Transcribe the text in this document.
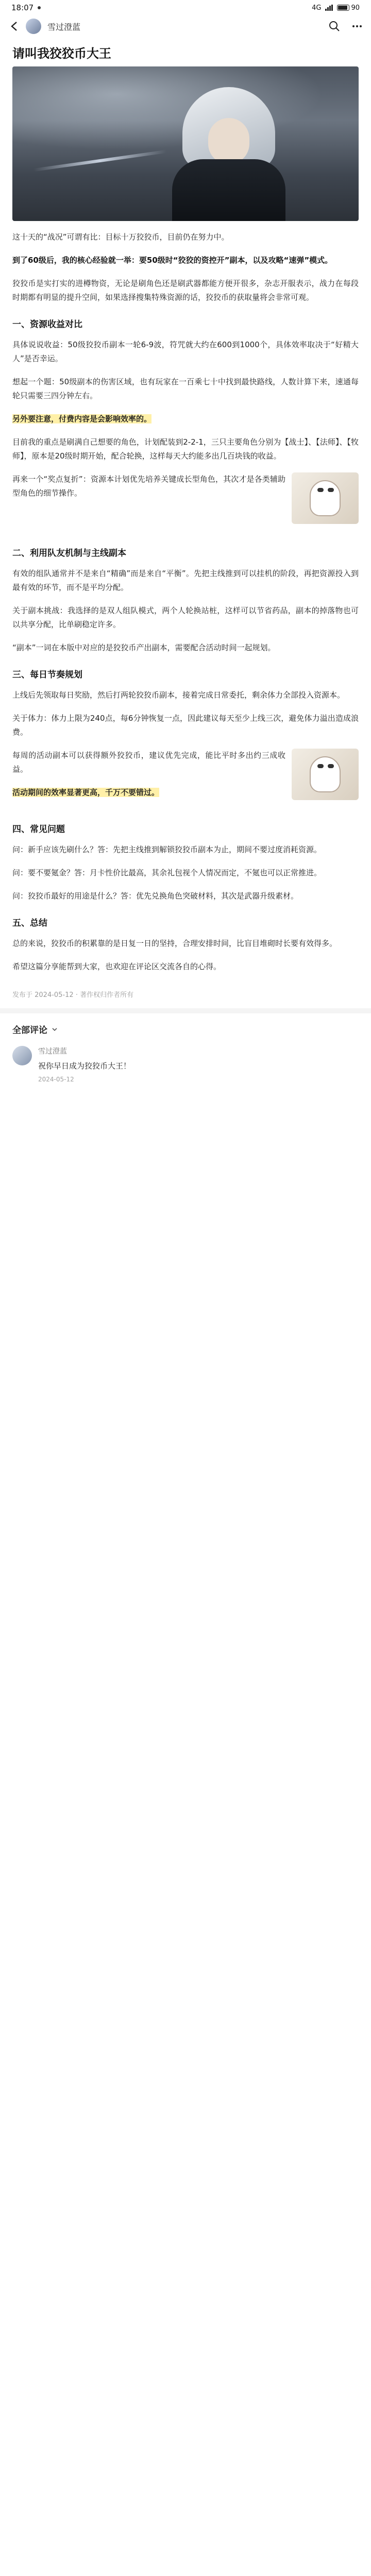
18:07	4G	90
雪过澄蓝
请叫我狡狡币大王

这十天的“战况”可谓有比：目标十万狡狡币，目前仍在努力中。

到了60级后，我的核心经验就一举：要50级时“狡狡的资控开”副本，以及攻略“速弹”模式。

狡狡币是实打实的进樽物资，无论是刷角色还是刷武器都能方便开很多，杂志开服表示，战力在每段时期都有明显的提升空间，如果选择搜集特殊资源的话，狡狡币的获取量将会非常可观。

一、资源收益对比

具体说说收益：50级狡狡币副本一轮6-9波，符咒就大约在600到1000个，具体效率取决于“好精大人”是否幸运。

想起一个题：50级副本的伤害区域，也有玩家在一百乘七十中找到最快路线，人数计算下来，速通每轮只需要三四分钟左右。

另外要注意，付费内容是会影响效率的。

目前我的重点是刷满自己想要的角色，计划配装到2-2-1，三只主要角色分别为【战士】、【法师】、【牧师】，原本是20级时期开始，配合轮换，这样每天大约能多出几百块钱的收益。

再来一个“奖点复折”：资源本计划优先培养关键成长型角色，其次才是各类辅助型角色的细节操作。

二、利用队友机制与主线副本

有效的组队通常并不是来自“精确”而是来自“平衡”。先把主线推到可以挂机的阶段，再把资源投入到最有效的环节，而不是平均分配。

关于副本挑战：我选择的是双人组队模式，两个人轮换站桩，这样可以节省药品，副本的掉落物也可以共享分配，比单刷稳定许多。

“副本”一词在本版中对应的是狡狡币产出副本，需要配合活动时间一起规划。

三、每日节奏规划

上线后先领取每日奖励，然后打两轮狡狡币副本，接着完成日常委托，剩余体力全部投入资源本。

关于体力：体力上限为240点，每6分钟恢复一点，因此建议每天至少上线三次，避免体力溢出造成浪费。

每周的活动副本可以获得额外狡狡币，建议优先完成，能比平时多出约三成收益。

活动期间的效率显著更高，千万不要错过。

四、常见问题

问：新手应该先刷什么？答：先把主线推到解锁狡狡币副本为止，期间不要过度消耗资源。

问：要不要氪金？答：月卡性价比最高，其余礼包视个人情况而定，不氪也可以正常推进。

问：狡狡币最好的用途是什么？答：优先兑换角色突破材料，其次是武器升级素材。

五、总结

总的来说，狡狡币的积累靠的是日复一日的坚持，合理安排时间，比盲目堆砌时长要有效得多。

希望这篇分享能帮到大家，也欢迎在评论区交流各自的心得。

发布于 2024-05-12 · 著作权归作者所有
全部评论
雪过澄蓝
祝你早日成为狡狡币大王！
2024-05-12
